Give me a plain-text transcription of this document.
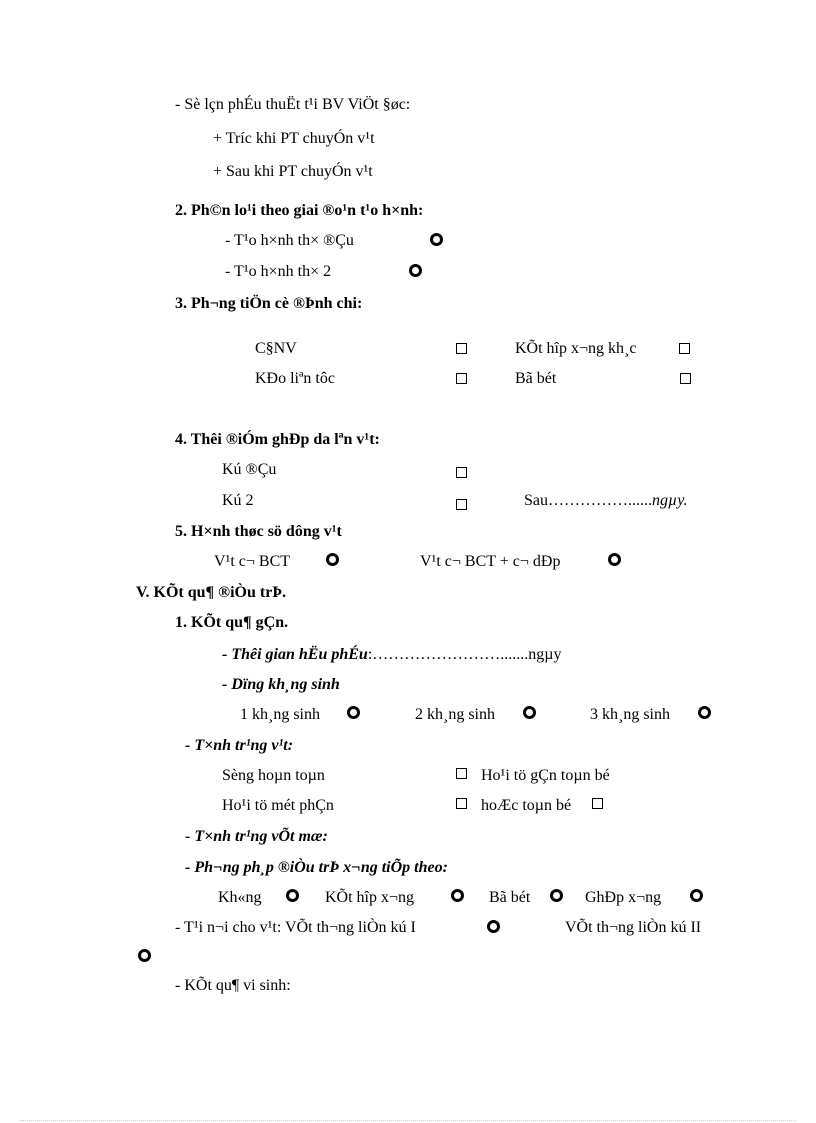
- Sè lçn phÉu thuËt t¹i BV ViÖt §øc:
+ Tríc khi PT chuyÓn v¹t
+ Sau khi PT chuyÓn v¹t
2. Ph©n lo¹i theo giai ®o¹n t¹o h×nh:
- T¹o h×nh th× ®Çu
- T¹o h×nh th× 2
3. Ph¬ng tiÖn cè ®Þnh chi:
C§NV	KÕt hîp x¬ng kh¸c
KÐo liªn tôc	Bã bét
4. Thêi ®iÓm ghÐp da lªn v¹t:
Kú ®Çu
Kú 2	Sau……………......ngµy.
5. H×nh thøc sö dông v¹t
V¹t c¬ BCT	V¹t c¬ BCT + c¬ dÐp
V. KÕt qu¶ ®iÒu trÞ.
1. KÕt qu¶ gÇn.
- Thêi gian hËu phÉu:…………………….......ngµy
- Dïng kh¸ng sinh
1 kh¸ng sinh	2 kh¸ng sinh	3 kh¸ng sinh
- T×nh tr¹ng v¹t:
Sèng hoµn toµn	Ho¹i tö gÇn toµn bé
Ho¹i tö mét phÇn	hoÆc toµn bé
- T×nh tr¹ng vÕt mæ:
- Ph¬ng ph¸p ®iÒu trÞ x¬ng tiÕp theo:
Kh«ng	KÕt hîp x¬ng	Bã bét	GhÐp x¬ng
- T¹i n¬i cho v¹t: VÕt th¬ng liÒn kú I	VÕt th¬ng liÒn kú II
- KÕt qu¶ vi sinh:
